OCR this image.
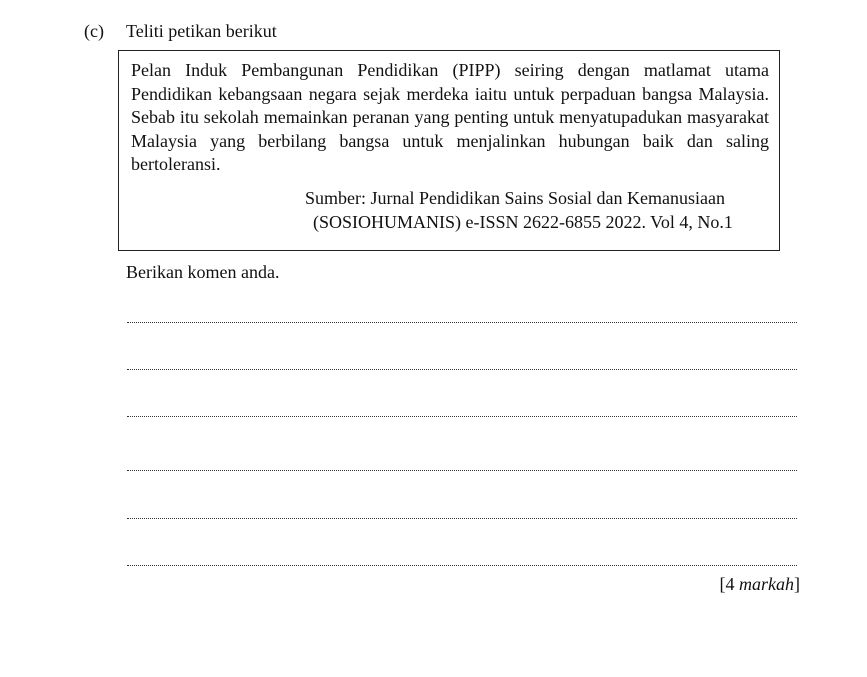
(c) Teliti petikan berikut

Pelan Induk Pembangunan Pendidikan (PIPP) seiring dengan matlamat utama Pendidikan kebangsaan negara sejak merdeka iaitu untuk perpaduan bangsa Malaysia. Sebab itu sekolah memainkan peranan yang penting untuk menyatupadukan masyarakat Malaysia yang berbilang bangsa untuk menjalinkan hubungan baik dan saling bertoleransi.

Sumber: Jurnal Pendidikan Sains Sosial dan Kemanusiaan
(SOSIOHUMANIS) e-ISSN 2622-6855 2022. Vol 4, No.1
Berikan komen anda.
[4 markah]
